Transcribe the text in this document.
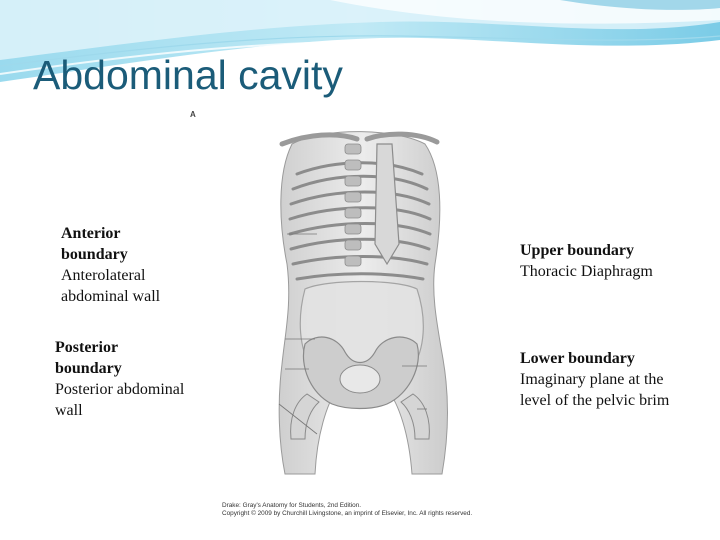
Abdominal cavity
A
Drake: Gray's Anatomy for Students, 2nd Edition.
Copyright © 2009 by Churchill Livingstone, an imprint of Elsevier, Inc. All rights reserved.
Anterior boundary
Anterolateral abdominal wall
Posterior boundary
Posterior abdominal wall
Upper boundary
Thoracic Diaphragm
Lower boundary
Imaginary plane at the level of the pelvic brim
